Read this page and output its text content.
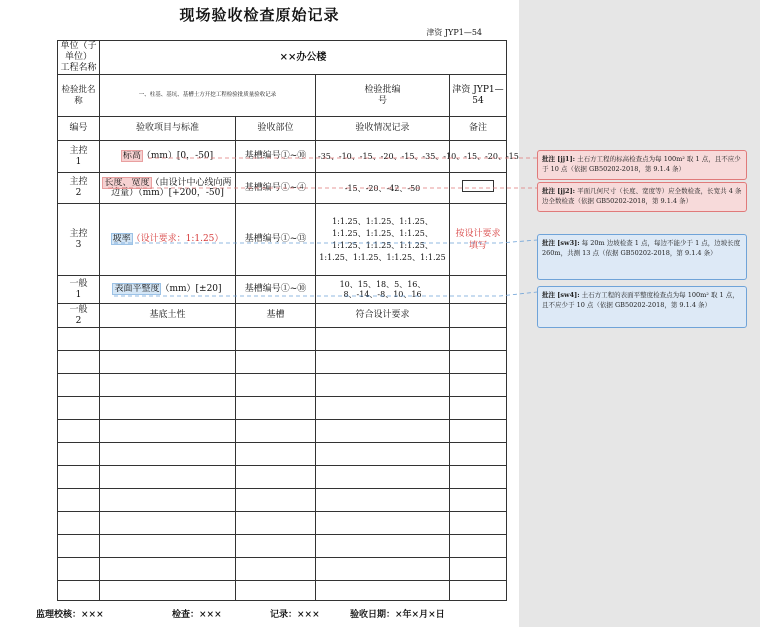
现场验收检查原始记录
津资 JYP1—54
单位（子单位）
工程名称	××办公楼			
检验批名称	一、柱基、基坑、基槽土方开挖工程检验批质量验收记录		检验批编
号	津资 JYP1—54
编号	验收项目与标准	验收部位	验收情况记录	备注
主控
1	标高（mm）[0，-50]	基槽编号①~⑩	-35、-10、-15、-20、-15、-35、-10、-15、-20、-15	
主控
2	长度、宽度（由设计中心线向两边量）（mm）[+200，-50]	基槽编号①~④	-15、-20、-42、-50	
主控
3	坡率（设计要求：1:1.25）	基槽编号①~⑬	1:1.25、1:1.25、1:1.25、1:1.25、1:1.25、1:1.25、1:1.25、1:1.25、1:1.25、1:1.25、1:1.25、1:1.25、1:1.25	按设计要求填写
一般
1	表面平整度（mm）[±20]	基槽编号①~⑩	10、15、18、5、16、8、-14、-8、10、16	
一般
2	基底土性	基槽	符合设计要求	

监理校核：×××	检查：×××	记录：×××	验收日期：×年×月×日
批注 [jj1]: 土石方工程的标高检查点为每 100m² 取 1 点，且不应少于 10 点（依据 GB50202-2018，第 9.1.4 条）
批注 [jj2]: 平面几何尺寸（长度、宽度等）应全数检查，长宽共 4 条边全数检查（依据 GB50202-2018，第 9.1.4 条）
批注 [sw3]: 每 20m 边坡检查 1 点，每边不能少于 1 点，边坡长度 260m，共测 13 点（依据 GB50202-2018，第 9.1.4 条）
批注 [sw4]: 土石方工程的表面平整度检查点为每 100m² 取 1 点，且不应少于 10 点（依据 GB50202-2018，第 9.1.4 条）
